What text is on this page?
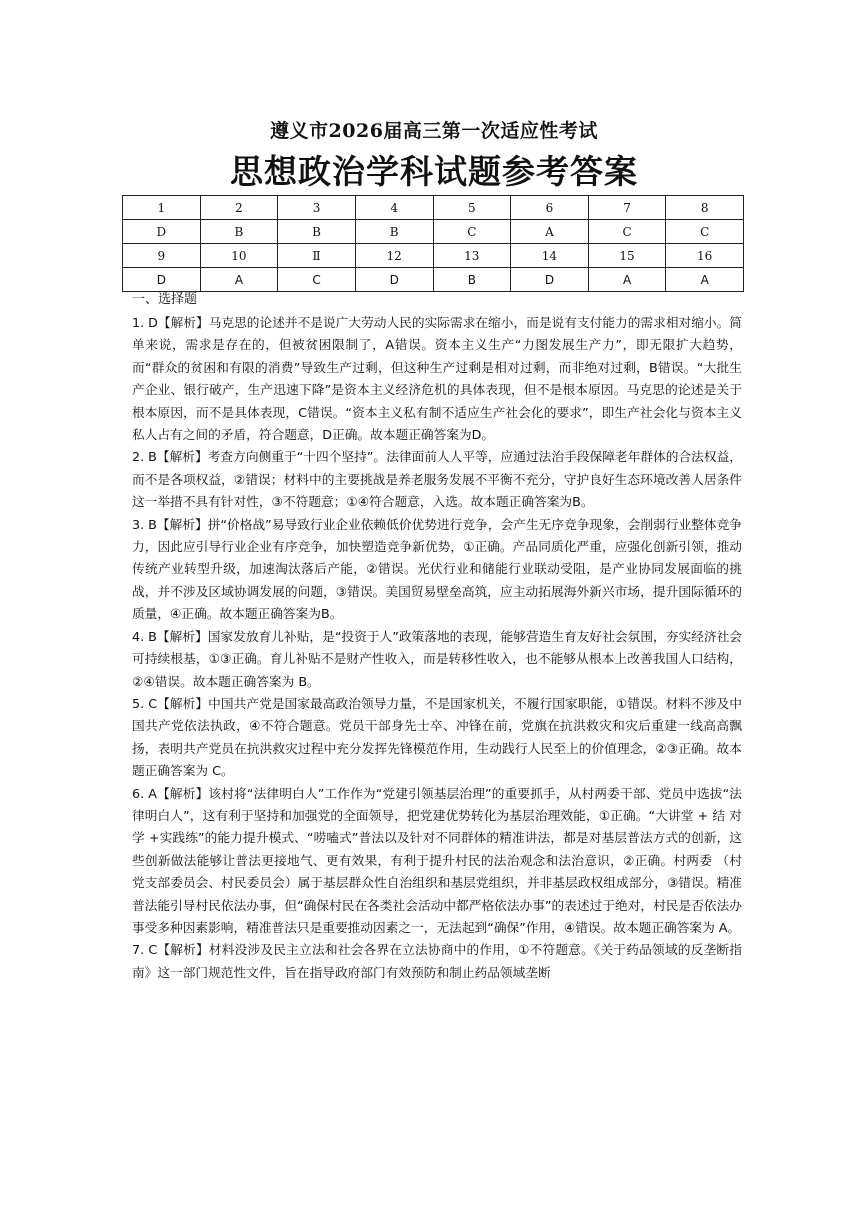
遵义市2026届高三第一次适应性考试
思想政治学科试题参考答案
1	2	3	4	5	6	7	8
D	B	B	B	C	A	C	C
9	10	Ⅱ	12	13	14	15	16
D	A	C	D	B	D	A	A
一、选择题

1. D【解析】马克思的论述并不是说广大劳动人民的实际需求在缩小，而是说有支付能力的需求相对缩小。简单来说，需求是存在的，但被贫困限制了，A错误。资本主义生产“力图发展生产力”，即无限扩大趋势，而“群众的贫困和有限的消费”导致生产过剩，但这种生产过剩是相对过剩，而非绝对过剩，B错误。“大批生产企业、银行破产，生产迅速下降”是资本主义经济危机的具体表现，但不是根本原因。马克思的论述是关于根本原因，而不是具体表现，C错误。“资本主义私有制不适应生产社会化的要求”，即生产社会化与资本主义私人占有之间的矛盾，符合题意，D正确。故本题正确答案为D。

2. B【解析】考查方向侧重于“十四个坚持”。法律面前人人平等，应通过法治手段保障老年群体的合法权益，而不是各项权益，②错误；材料中的主要挑战是养老服务发展不平衡不充分，守护良好生态环境改善人居条件这一举措不具有针对性，③不符题意；①④符合题意，入选。故本题正确答案为B。

3. B【解析】拼“价格战”易导致行业企业依赖低价优势进行竞争，会产生无序竞争现象，会削弱行业整体竞争力，因此应引导行业企业有序竞争，加快塑造竞争新优势，①正确。产品同质化严重，应强化创新引领，推动传统产业转型升级，加速淘汰落后产能，②错误。光伏行业和储能行业联动受阻，是产业协同发展面临的挑战，并不涉及区域协调发展的问题，③错误。美国贸易壁垒高筑，应主动拓展海外新兴市场，提升国际循环的质量，④正确。故本题正确答案为B。

4. B【解析】国家发放育儿补贴，是“投资于人”政策落地的表现，能够营造生育友好社会氛围，夯实经济社会可持续根基，①③正确。育儿补贴不是财产性收入，而是转移性收入，也不能够从根本上改善我国人口结构，②④错误。故本题正确答案为 B。

5. C【解析】中国共产党是国家最高政治领导力量，不是国家机关，不履行国家职能，①错误。材料不涉及中国共产党依法执政，④不符合题意。党员干部身先士卒、冲锋在前，党旗在抗洪救灾和灾后重建一线高高飘扬，表明共产党员在抗洪救灾过程中充分发挥先锋模范作用，生动践行人民至上的价值理念，②③正确。故本题正确答案为 C。

6. A【解析】该村将“法律明白人”工作作为“党建引领基层治理”的重要抓手，从村两委干部、党员中选拔“法律明白人”，这有利于坚持和加强党的全面领导，把党建优势转化为基层治理效能，①正确。“大讲堂 + 结 对 学 +实践练”的能力提升模式、“唠嗑式”普法以及针对不同群体的精准讲法，都是对基层普法方式的创新，这些创新做法能够让普法更接地气、更有效果，有利于提升村民的法治观念和法治意识，②正确。村两委 （村党支部委员会、村民委员会）属于基层群众性自治组织和基层党组织，并非基层政权组成部分，③错误。精准普法能引导村民依法办事，但“确保村民在各类社会活动中都严格依法办事”的表述过于绝对，村民是否依法办事受多种因素影响，精准普法只是重要推动因素之一，无法起到“确保”作用，④错误。故本题正确答案为 A。

7. C【解析】材料没涉及民主立法和社会各界在立法协商中的作用，①不符题意。《关于药品领域的反垄断指南》这一部门规范性文件，旨在指导政府部门有效预防和制止药品领域垄断
